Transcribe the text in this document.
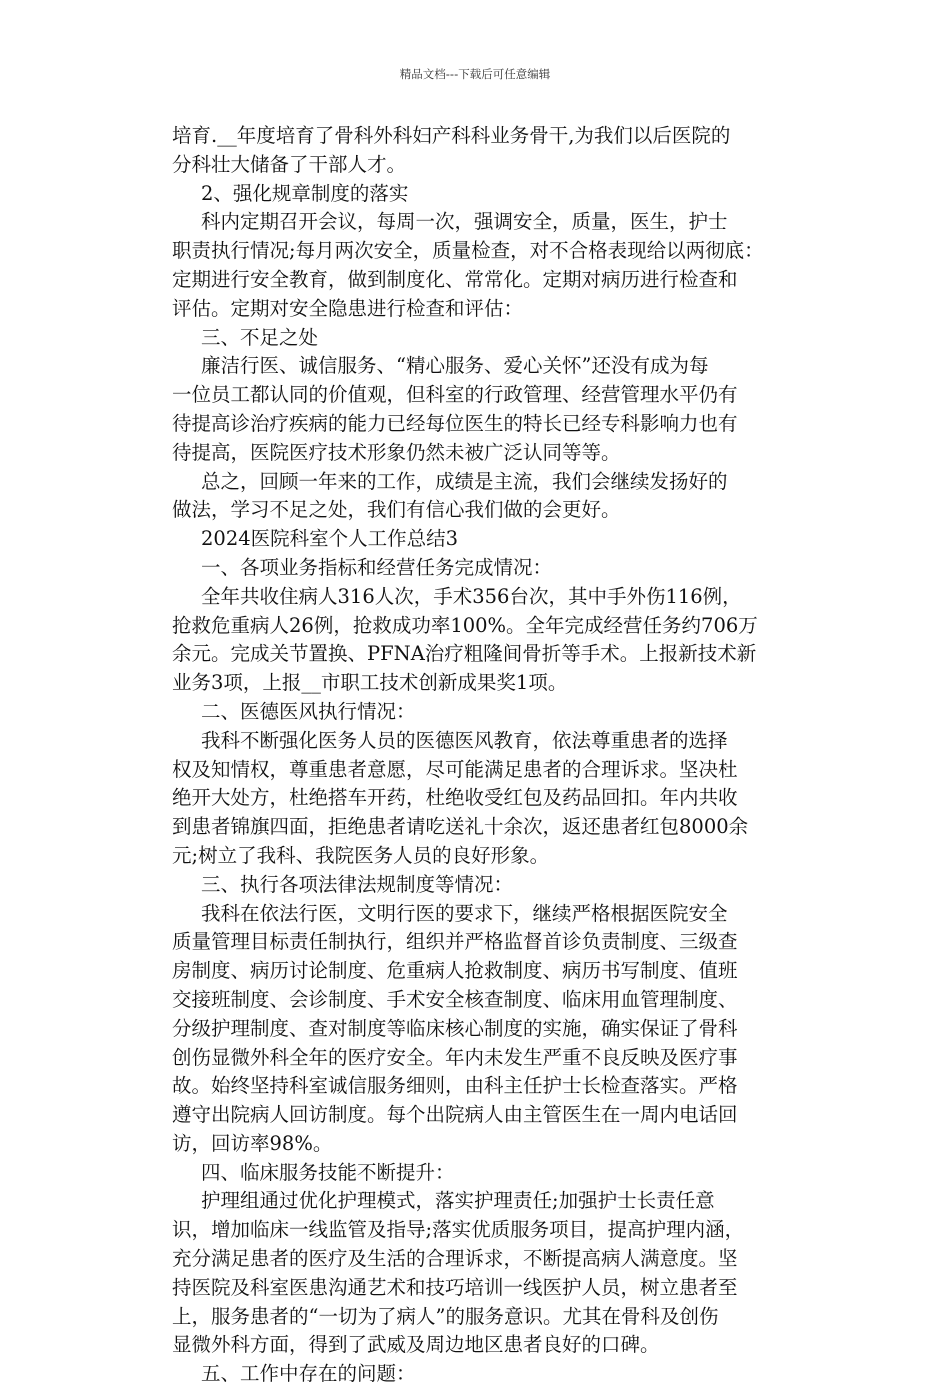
精品文档---下载后可任意编辑
培育.__年度培育了骨科外科妇产科科业务骨干,为我们以后医院的
分科壮大储备了干部人才。
2、强化规章制度的落实
科内定期召开会议，每周一次，强调安全，质量，医生，护士
职责执行情况;每月两次安全，质量检查，对不合格表现给以两彻底：
定期进行安全教育，做到制度化、常常化。定期对病历进行检查和
评估。定期对安全隐患进行检查和评估：
三、不足之处
廉洁行医、诚信服务、“精心服务、爱心关怀”还没有成为每
一位员工都认同的价值观，但科室的行政管理、经营管理水平仍有
待提高诊治疗疾病的能力已经每位医生的特长已经专科影响力也有
待提高，医院医疗技术形象仍然未被广泛认同等等。
总之，回顾一年来的工作，成绩是主流，我们会继续发扬好的
做法，学习不足之处，我们有信心我们做的会更好。
2024医院科室个人工作总结3
一、各项业务指标和经营任务完成情况：
全年共收住病人316人次，手术356台次，其中手外伤116例，
抢救危重病人26例，抢救成功率100%。全年完成经营任务约706万
余元。完成关节置换、PFNA治疗粗隆间骨折等手术。上报新技术新
业务3项，上报__市职工技术创新成果奖1项。
二、医德医风执行情况：
我科不断强化医务人员的医德医风教育，依法尊重患者的选择
权及知情权，尊重患者意愿，尽可能满足患者的合理诉求。坚决杜
绝开大处方，杜绝搭车开药，杜绝收受红包及药品回扣。年内共收
到患者锦旗四面，拒绝患者请吃送礼十余次，返还患者红包8000余
元;树立了我科、我院医务人员的良好形象。
三、执行各项法律法规制度等情况：
我科在依法行医，文明行医的要求下，继续严格根据医院安全
质量管理目标责任制执行，组织并严格监督首诊负责制度、三级查
房制度、病历讨论制度、危重病人抢救制度、病历书写制度、值班
交接班制度、会诊制度、手术安全核查制度、临床用血管理制度、
分级护理制度、查对制度等临床核心制度的实施，确实保证了骨科
创伤显微外科全年的医疗安全。年内未发生严重不良反映及医疗事
故。始终坚持科室诚信服务细则，由科主任护士长检查落实。严格
遵守出院病人回访制度。每个出院病人由主管医生在一周内电话回
访，回访率98%。
四、临床服务技能不断提升：
护理组通过优化护理模式，落实护理责任;加强护士长责任意
识，增加临床一线监管及指导;落实优质服务项目，提高护理内涵，
充分满足患者的医疗及生活的合理诉求，不断提高病人满意度。坚
持医院及科室医患沟通艺术和技巧培训一线医护人员，树立患者至
上，服务患者的“一切为了病人”的服务意识。尤其在骨科及创伤
显微外科方面，得到了武威及周边地区患者良好的口碑。
五、工作中存在的问题：
